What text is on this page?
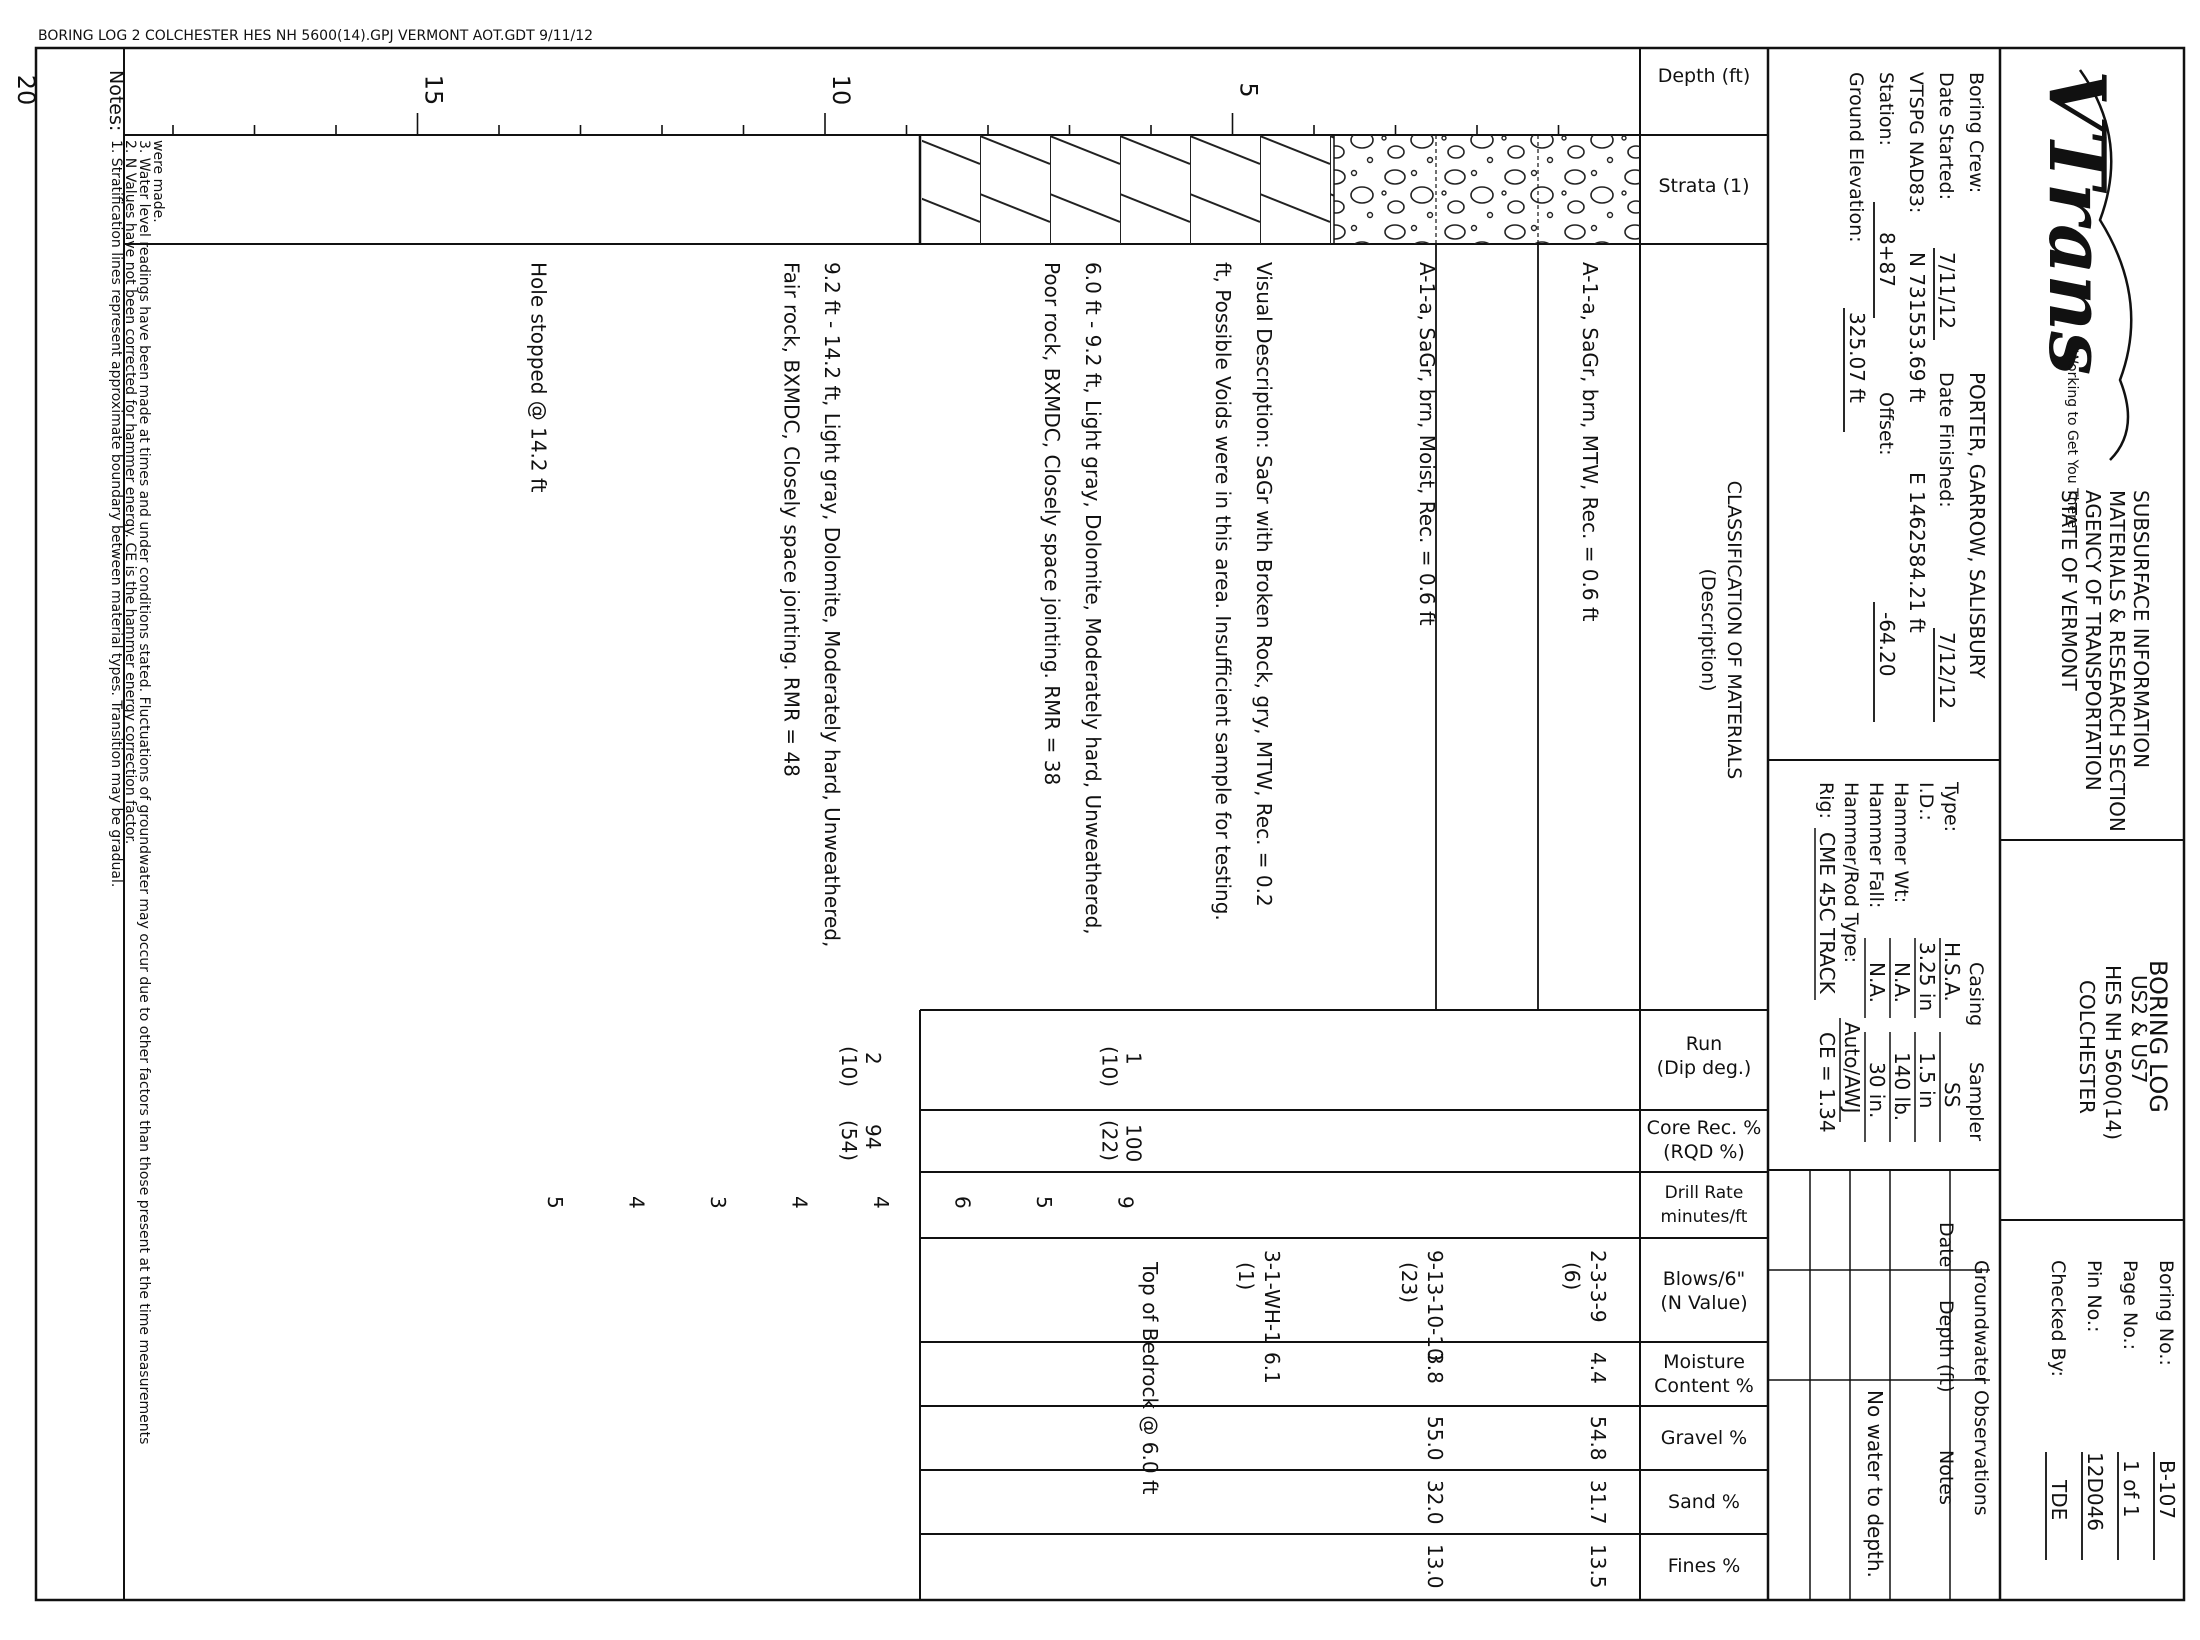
BORING LOG 2 COLCHESTER HES NH 5600(14).GPJ VERMONT AOT.GDT 9/11/12
VTrans
Working to Get You There
STATE OF VERMONT AGENCY OF TRANSPORTATION MATERIALS & RESEARCH SECTION SUBSURFACE INFORMATION
BORING LOG
COLCHESTER HES NH 5600(14) US2 & US7
Boring No.:
B-107
Page No.:
1 of 1
Pin No.:
12D046
Checked By:
TDE
Boring Crew:
PORTER, GARROW, SALISBURY
Date Started:
7/11/12
Date Finished:
7/12/12
VTSPG NAD83:
N 731553.69 ft
E 1462584.21 ft
Station:
8+87
Offset:
-64.20
Ground Elevation:
325.07 ft
Casing
Sampler
Type:
H.S.A.
SS
I.D.:
3.25 in
1.5 in
Hammer Wt:
N.A.
140 lb.
Hammer Fall:
N.A.
30 in.
Hammer/Rod Type:
Auto/AWJ
Rig:
CME 45C TRACK
CE = 1.34
Groundwater Observations
Date
Depth (ft)
Notes
No water to depth.
Depth (ft)
Strata (1)
CLASSIFICATION OF MATERIALS
(Description)
Run
(Dip deg.)
Core Rec. %
(RQD %)
Drill Rate
minutes/ft
Blows/6"
(N Value)
Moisture
Content %
Gravel %
Sand %
Fines %
5
10
15
20
A-1-a, SaGr, brn, MTW, Rec. = 0.6 ft
A-1-a, SaGr, brn, Moist, Rec. = 0.6 ft
Visual Description: SaGr with Broken Rock, gry, MTW, Rec. = 0.2
ft, Possible Voids were in this area. Insufficient sample for testing.
6.0 ft - 9.2 ft, Light gray, Dolomite, Moderately hard, Unweathered,
Poor rock, BXMDC, Closely space jointing. RMR = 38
9.2 ft - 14.2 ft, Light gray, Dolomite, Moderately hard, Unweathered,
Fair rock, BXMDC, Closely space jointing. RMR = 48
Hole stopped @ 14.2 ft
1
(10)
100
(22)
2
(10)
94
(54)
9
5
6
4
4
3
4
5
2-3-3-9
(6)
4.4
54.8
31.7
13.5
9-13-10-10
(23)
3.8
55.0
32.0
13.0
3-1-WH-1
(1)
6.1
Top of Bedrock @ 6.0 ft
Notes:
1. Stratification lines represent approximate boundary between material types. Transition may be gradual.
2. N Values have not been corrected for hammer energy. CE is the hammer energy correction factor.
3. Water level readings have been made at times and under conditions stated. Fluctuations of groundwater may occur due to other factors than those present at the time measurements
were made.
